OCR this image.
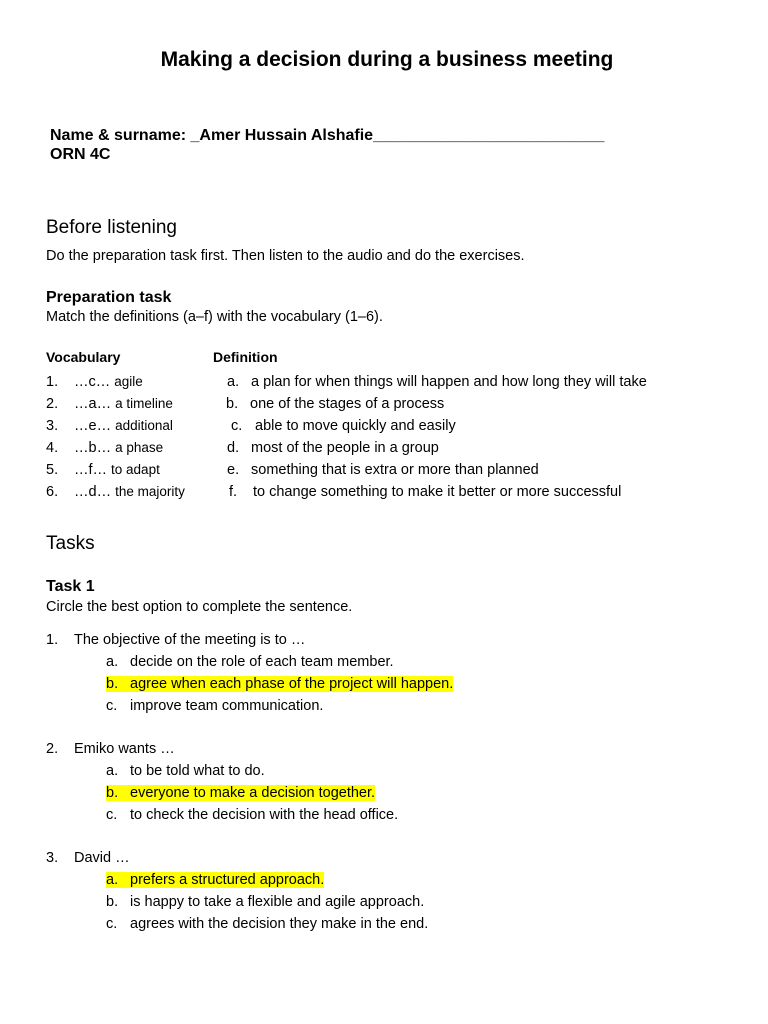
Making a decision during a business meeting
Name & surname: _Amer Hussain Alshafie__________________________
ORN 4C
Before listening
Do the preparation task first. Then listen to the audio and do the exercises.
Preparation task
Match the definitions (a–f) with the vocabulary (1–6).
Vocabulary	Definition
1. …c… agile
2. …a… a timeline
3. …e… additional
4. …b… a phase
5. …f… to adapt
6. …d… the majority
a. a plan for when things will happen and how long they will take
b. one of the stages of a process
c. able to move quickly and easily
d. most of the people in a group
e. something that is extra or more than planned
f. to change something to make it better or more successful
Tasks
Task 1
Circle the best option to complete the sentence.
1. The objective of the meeting is to …
a. decide on the role of each team member.
b. agree when each phase of the project will happen.
c. improve team communication.
2. Emiko wants …
a. to be told what to do.
b. everyone to make a decision together.
c. to check the decision with the head office.
3. David …
a. prefers a structured approach.
b. is happy to take a flexible and agile approach.
c. agrees with the decision they make in the end.
